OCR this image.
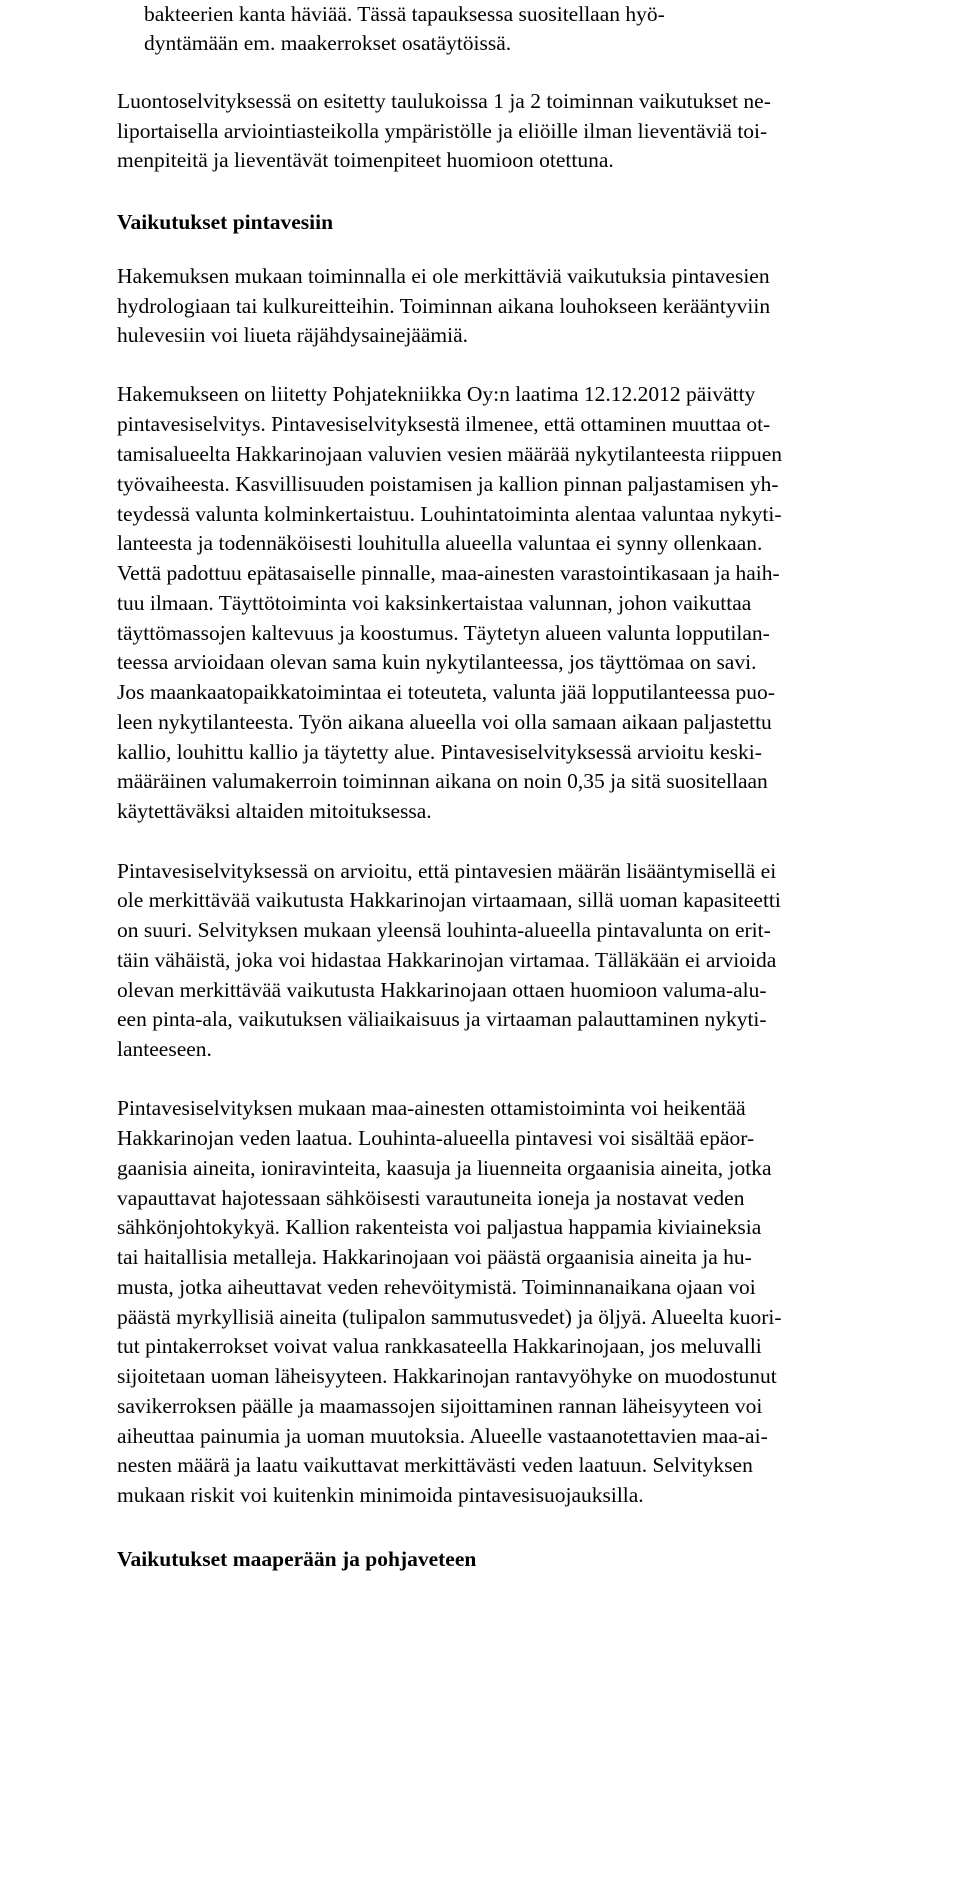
bakteerien kanta häviää. Tässä tapauksessa suositellaan hyö-

dyntämään em. maakerrokset osatäytöissä.

Luontoselvityksessä on esitetty taulukoissa 1 ja 2 toiminnan vaikutukset ne-

liportaisella arviointiasteikolla ympäristölle ja eliöille ilman lieventäviä toi-

menpiteitä ja lieventävät toimenpiteet huomioon otettuna.

Vaikutukset pintavesiin

Hakemuksen mukaan toiminnalla ei ole merkittäviä vaikutuksia pintavesien

hydrologiaan tai kulkureitteihin. Toiminnan aikana louhokseen kerääntyviin

hulevesiin voi liueta räjähdysainejäämiä.

Hakemukseen on liitetty Pohjatekniikka Oy:n laatima 12.12.2012 päivätty

pintavesiselvitys. Pintavesiselvityksestä ilmenee, että ottaminen muuttaa ot-

tamisalueelta Hakkarinojaan valuvien vesien määrää nykytilanteesta riippuen

työvaiheesta. Kasvillisuuden poistamisen ja kallion pinnan paljastamisen yh-

teydessä valunta kolminkertaistuu. Louhintatoiminta alentaa valuntaa nykyti-

lanteesta ja todennäköisesti louhitulla alueella valuntaa ei synny ollenkaan.

Vettä padottuu epätasaiselle pinnalle, maa-ainesten varastointikasaan ja haih-

tuu ilmaan. Täyttötoiminta voi kaksinkertaistaa valunnan, johon vaikuttaa

täyttömassojen kaltevuus ja koostumus. Täytetyn alueen valunta lopputilan-

teessa arvioidaan olevan sama kuin nykytilanteessa, jos täyttömaa on savi.

Jos maankaatopaikkatoimintaa ei toteuteta, valunta jää lopputilanteessa puo-

leen nykytilanteesta. Työn aikana alueella voi olla samaan aikaan paljastettu

kallio, louhittu kallio ja täytetty alue. Pintavesiselvityksessä arvioitu keski-

määräinen valumakerroin toiminnan aikana on noin 0,35 ja sitä suositellaan

käytettäväksi altaiden mitoituksessa.

Pintavesiselvityksessä on arvioitu, että pintavesien määrän lisääntymisellä ei

ole merkittävää vaikutusta Hakkarinojan virtaamaan, sillä uoman kapasiteetti

on suuri. Selvityksen mukaan yleensä louhinta-alueella pintavalunta on erit-

täin vähäistä, joka voi hidastaa Hakkarinojan virtamaa. Tälläkään ei arvioida

olevan merkittävää vaikutusta Hakkarinojaan ottaen huomioon valuma-alu-

een pinta-ala, vaikutuksen väliaikaisuus ja virtaaman palauttaminen nykyti-

lanteeseen.

Pintavesiselvityksen mukaan maa-ainesten ottamistoiminta voi heikentää

Hakkarinojan veden laatua. Louhinta-alueella pintavesi voi sisältää epäor-

gaanisia aineita, ioniravinteita, kaasuja ja liuenneita orgaanisia aineita, jotka

vapauttavat hajotessaan sähköisesti varautuneita ioneja ja nostavat veden

sähkönjohtokykyä. Kallion rakenteista voi paljastua happamia kiviaineksia

tai haitallisia metalleja. Hakkarinojaan voi päästä orgaanisia aineita ja hu-

musta, jotka aiheuttavat veden rehevöitymistä. Toiminnanaikana ojaan voi

päästä myrkyllisiä aineita (tulipalon sammutusvedet) ja öljyä. Alueelta kuori-

tut pintakerrokset voivat valua rankkasateella Hakkarinojaan, jos meluvalli

sijoitetaan uoman läheisyyteen. Hakkarinojan rantavyöhyke on muodostunut

savikerroksen päälle ja maamassojen sijoittaminen rannan läheisyyteen voi

aiheuttaa painumia ja uoman muutoksia. Alueelle vastaanotettavien maa-ai-

nesten määrä ja laatu vaikuttavat merkittävästi veden laatuun. Selvityksen

mukaan riskit voi kuitenkin minimoida pintavesisuojauksilla.

Vaikutukset maaperään ja pohjaveteen
